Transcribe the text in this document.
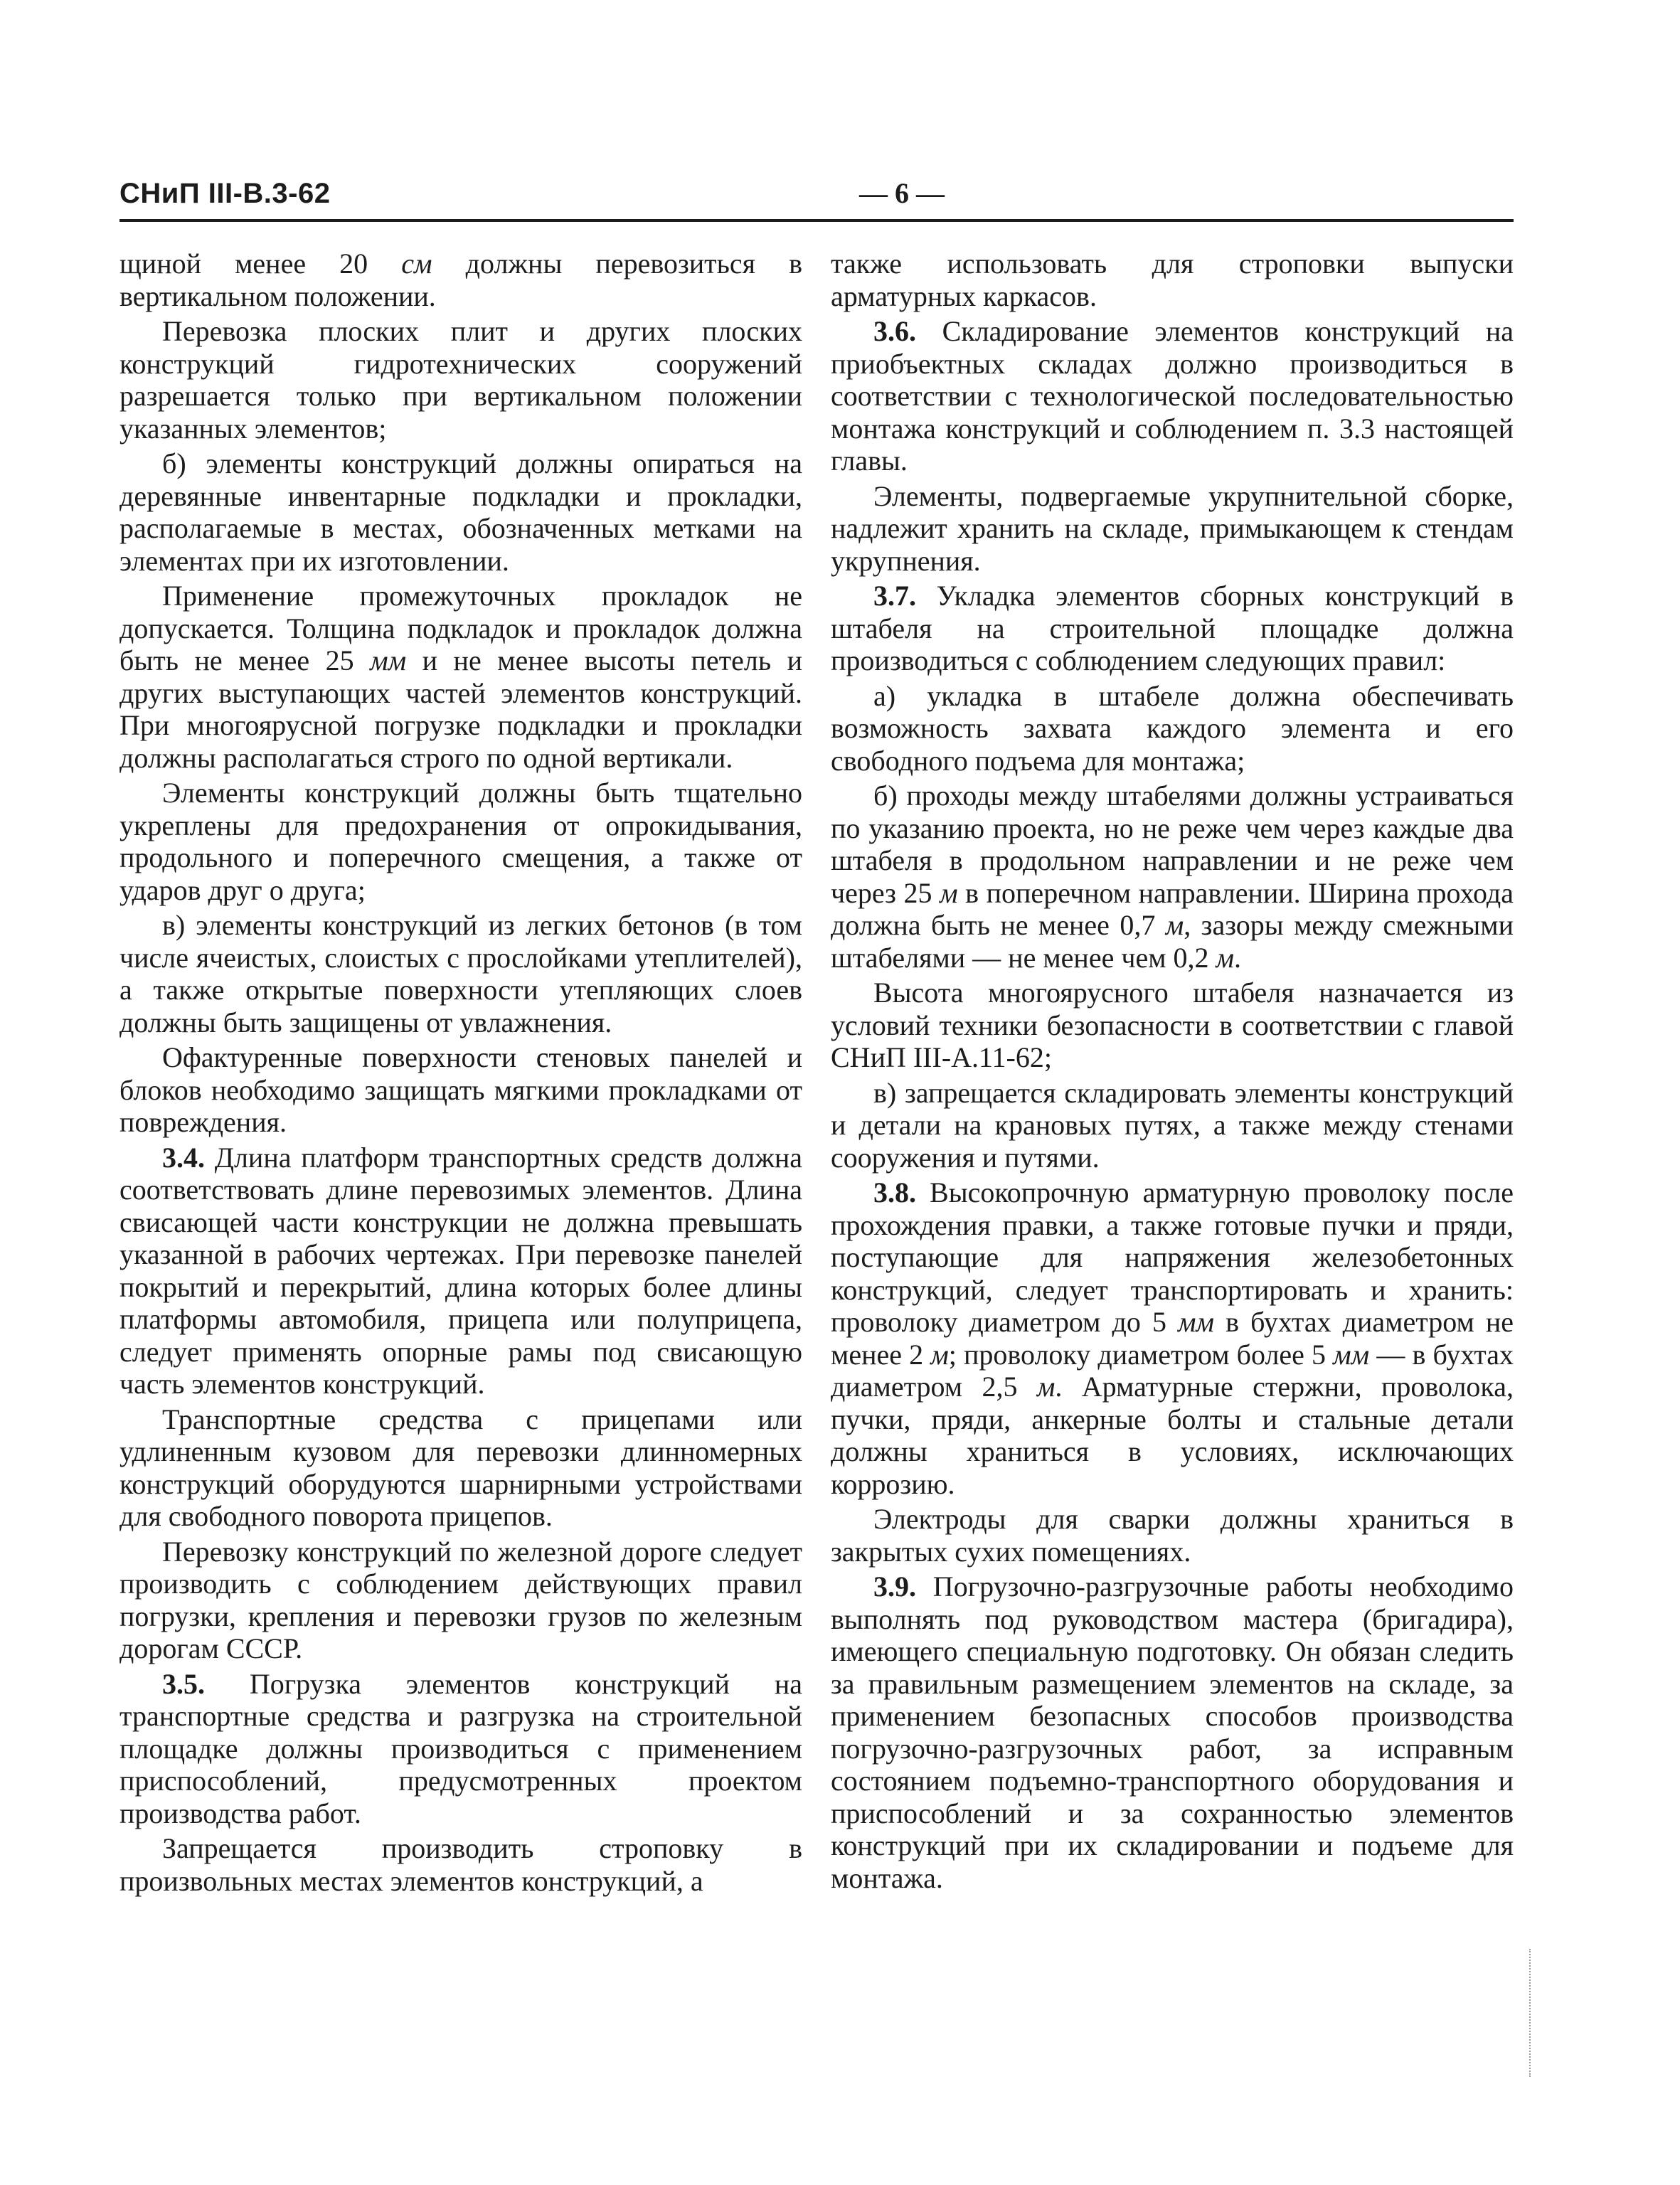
СНиП III-В.3-62	— 6 —

щиной менее 20 см должны перевозиться в вертикальном положении.

Перевозка плоских плит и других плоских конструкций гидротехнических сооружений разрешается только при вертикальном положении указанных элементов;

б) элементы конструкций должны опираться на деревянные инвентарные подкладки и прокладки, располагаемые в местах, обозначенных метками на элементах при их изготовлении.

Применение промежуточных прокладок не допускается. Толщина подкладок и прокладок должна быть не менее 25 мм и не менее высоты петель и других выступающих частей элементов конструкций. При многоярусной погрузке подкладки и прокладки должны располагаться строго по одной вертикали.

Элементы конструкций должны быть тщательно укреплены для предохранения от опрокидывания, продольного и поперечного смещения, а также от ударов друг о друга;

в) элементы конструкций из легких бетонов (в том числе ячеистых, слоистых с прослойками утеплителей), а также открытые поверхности утепляющих слоев должны быть защищены от увлажнения.

Офактуренные поверхности стеновых панелей и блоков необходимо защищать мягкими прокладками от повреждения.

3.4. Длина платформ транспортных средств должна соответствовать длине перевозимых элементов. Длина свисающей части конструкции не должна превышать указанной в рабочих чертежах. При перевозке панелей покрытий и перекрытий, длина которых более длины платформы автомобиля, прицепа или полуприцепа, следует применять опорные рамы под свисающую часть элементов конструкций.

Транспортные средства с прицепами или удлиненным кузовом для перевозки длинномерных конструкций оборудуются шарнирными устройствами для свободного поворота прицепов.

Перевозку конструкций по железной дороге следует производить с соблюдением действующих правил погрузки, крепления и перевозки грузов по железным дорогам СССР.

3.5. Погрузка элементов конструкций на транспортные средства и разгрузка на строительной площадке должны производиться с применением приспособлений, предусмотренных проектом производства работ.

Запрещается производить строповку в произвольных местах элементов конструкций, а

также использовать для строповки выпуски арматурных каркасов.

3.6. Складирование элементов конструкций на приобъектных складах должно производиться в соответствии с технологической последовательностью монтажа конструкций и соблюдением п. 3.3 настоящей главы.

Элементы, подвергаемые укрупнительной сборке, надлежит хранить на складе, примыкающем к стендам укрупнения.

3.7. Укладка элементов сборных конструкций в штабеля на строительной площадке должна производиться с соблюдением следующих правил:

а) укладка в штабеле должна обеспечивать возможность захвата каждого элемента и его свободного подъема для монтажа;

б) проходы между штабелями должны устраиваться по указанию проекта, но не реже чем через каждые два штабеля в продольном направлении и не реже чем через 25 м в поперечном направлении. Ширина прохода должна быть не менее 0,7 м, зазоры между смежными штабелями — не менее чем 0,2 м.

Высота многоярусного штабеля назначается из условий техники безопасности в соответствии с главой СНиП III-А.11-62;

в) запрещается складировать элементы конструкций и детали на крановых путях, а также между стенами сооружения и путями.

3.8. Высокопрочную арматурную проволоку после прохождения правки, а также готовые пучки и пряди, поступающие для напряжения железобетонных конструкций, следует транспортировать и хранить: проволоку диаметром до 5 мм в бухтах диаметром не менее 2 м; проволоку диаметром более 5 мм — в бухтах диаметром 2,5 м. Арматурные стержни, проволока, пучки, пряди, анкерные болты и стальные детали должны храниться в условиях, исключающих коррозию.

Электроды для сварки должны храниться в закрытых сухих помещениях.

3.9. Погрузочно-разгрузочные работы необходимо выполнять под руководством мастера (бригадира), имеющего специальную подготовку. Он обязан следить за правильным размещением элементов на складе, за применением безопасных способов производства погрузочно-разгрузочных работ, за исправным состоянием подъемно-транспортного оборудования и приспособлений и за сохранностью элементов конструкций при их складировании и подъеме для монтажа.
